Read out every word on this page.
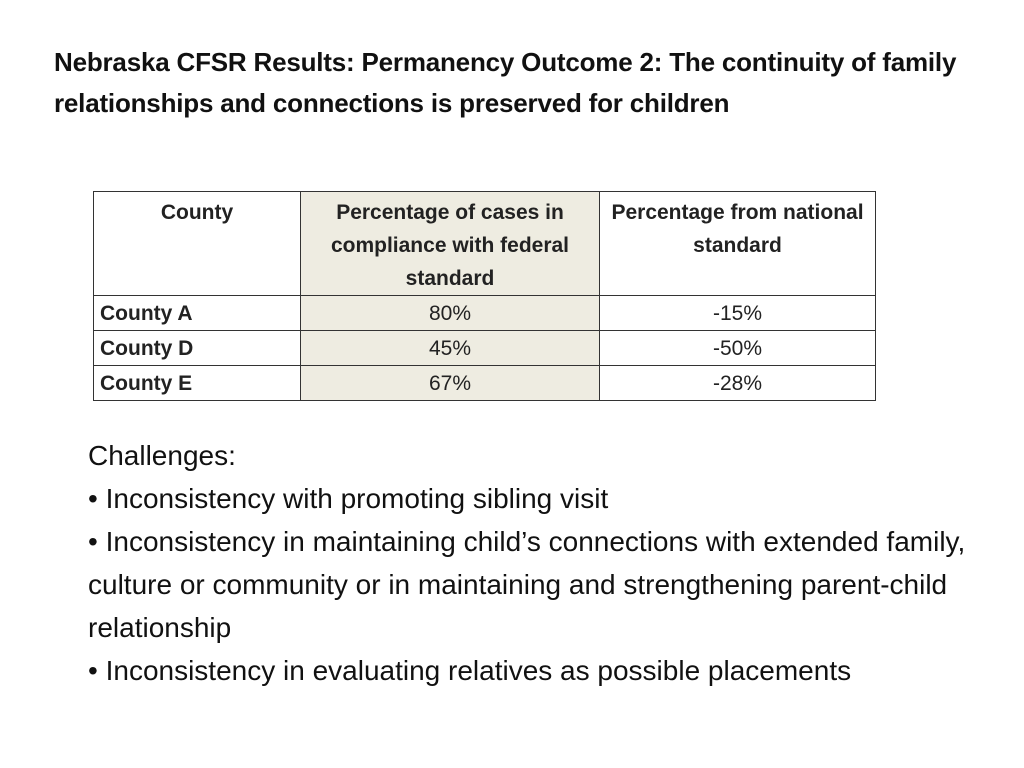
Nebraska CFSR Results: Permanency Outcome 2: The continuity of family relationships and connections is preserved for children
County	Percentage of cases in compliance with federal standard	Percentage from national standard
County A	80%	-15%
County D	45%	-50%
County E	67%	-28%
Challenges:
• Inconsistency with promoting sibling visit
• Inconsistency in maintaining child’s connections with extended family, culture or community or in maintaining and strengthening parent-child relationship
• Inconsistency in evaluating relatives as possible placements
